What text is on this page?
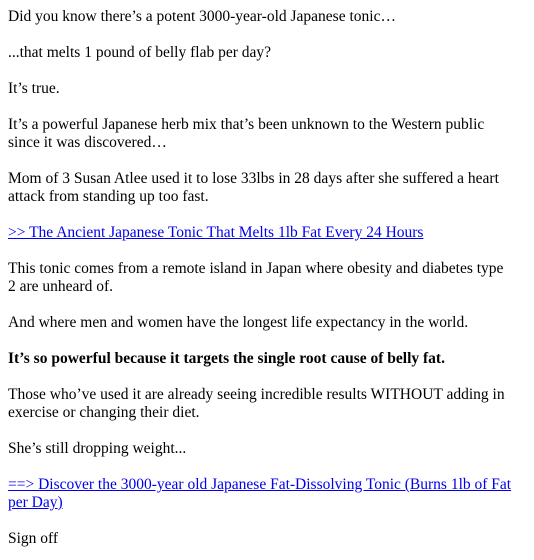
Did you know there’s a potent 3000-year-old Japanese tonic…

...that melts 1 pound of belly flab per day?

It’s true.

It’s a powerful Japanese herb mix that’s been unknown to the Western public since it was discovered…

Mom of 3 Susan Atlee used it to lose 33lbs in 28 days after she suffered a heart attack from standing up too fast.

>> The Ancient Japanese Tonic That Melts 1lb Fat Every 24 Hours

This tonic comes from a remote island in Japan where obesity and diabetes type 2 are unheard of.

And where men and women have the longest life expectancy in the world.

It’s so powerful because it targets the single root cause of belly fat.

Those who’ve used it are already seeing incredible results WITHOUT adding in exercise or changing their diet.

She’s still dropping weight...

==> Discover the 3000-year old Japanese Fat-Dissolving Tonic (Burns 1lb of Fat per Day)

Sign off
